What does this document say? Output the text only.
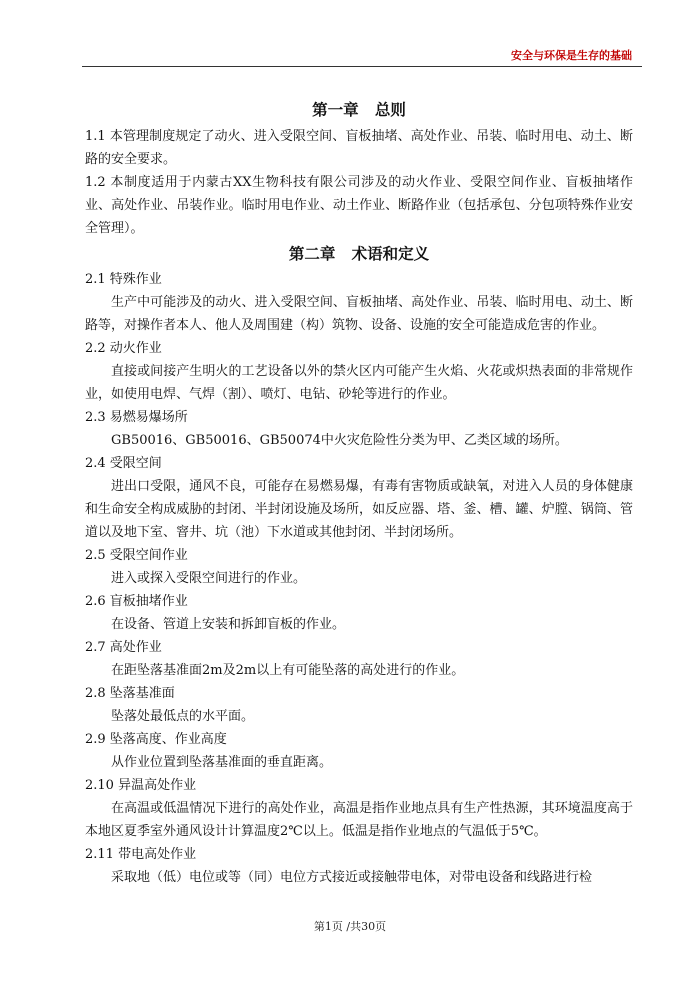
安全与环保是生存的基础
第一章   总则

1.1 本管理制度规定了动火、进入受限空间、盲板抽堵、高处作业、吊装、临时用电、动土、断路的安全要求。

1.2 本制度适用于内蒙古XX生物科技有限公司涉及的动火作业、受限空间作业、盲板抽堵作业、高处作业、吊装作业。临时用电作业、动土作业、断路作业（包括承包、分包项特殊作业安全管理）。

第二章   术语和定义

2.1 特殊作业

生产中可能涉及的动火、进入受限空间、盲板抽堵、高处作业、吊装、临时用电、动土、断路等，对操作者本人、他人及周围建（构）筑物、设备、设施的安全可能造成危害的作业。

2.2 动火作业

直接或间接产生明火的工艺设备以外的禁火区内可能产生火焰、火花或炽热表面的非常规作业，如使用电焊、气焊（割）、喷灯、电钻、砂轮等进行的作业。

2.3 易燃易爆场所

GB50016、GB50016、GB50074中火灾危险性分类为甲、乙类区域的场所。

2.4 受限空间

进出口受限，通风不良，可能存在易燃易爆，有毒有害物质或缺氧，对进入人员的身体健康和生命安全构成威胁的封闭、半封闭设施及场所，如反应器、塔、釜、槽、罐、炉膛、锅筒、管道以及地下室、窨井、坑（池）下水道或其他封闭、半封闭场所。

2.5 受限空间作业

进入或探入受限空间进行的作业。

2.6 盲板抽堵作业

在设备、管道上安装和拆卸盲板的作业。

2.7 高处作业

在距坠落基准面2m及2m以上有可能坠落的高处进行的作业。

2.8 坠落基准面

坠落处最低点的水平面。

2.9 坠落高度、作业高度

从作业位置到坠落基准面的垂直距离。

2.10 异温高处作业

在高温或低温情况下进行的高处作业，高温是指作业地点具有生产性热源，其环境温度高于本地区夏季室外通风设计计算温度2℃以上。低温是指作业地点的气温低于5℃。

2.11 带电高处作业

采取地（低）电位或等（同）电位方式接近或接触带电体，对带电设备和线路进行检

第1页 /共30页
